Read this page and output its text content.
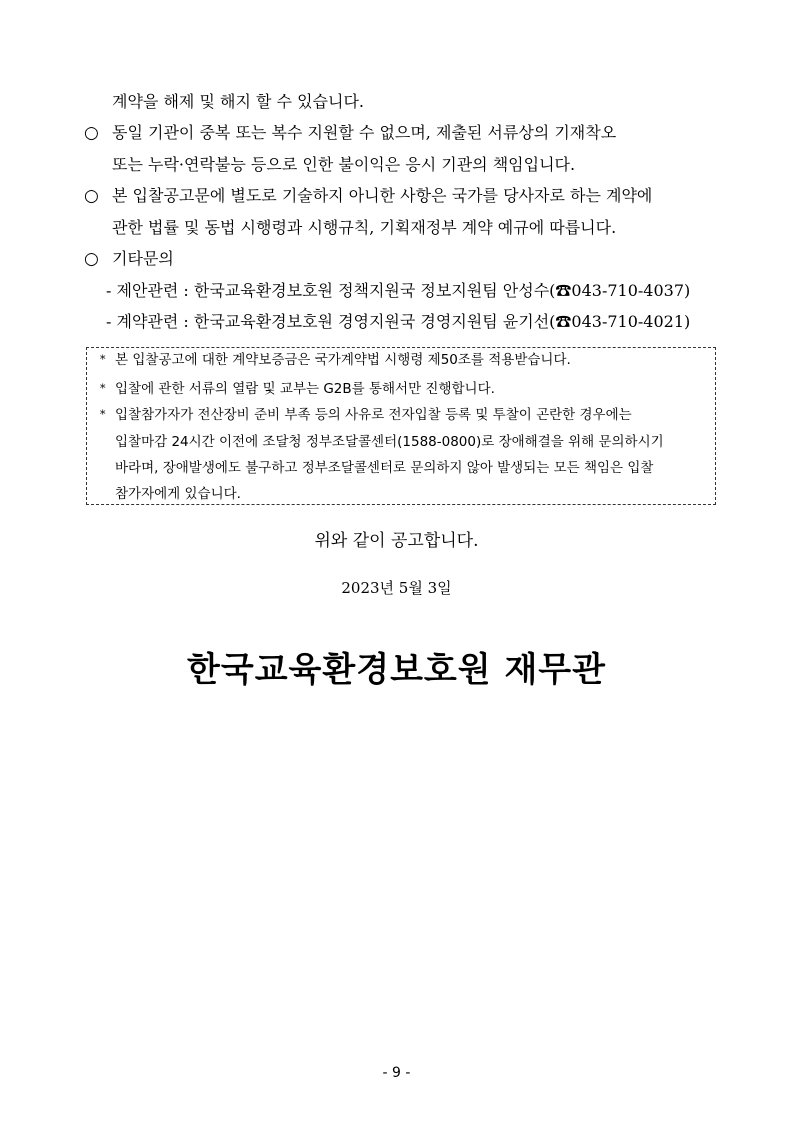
계약을 해제 및 해지 할 수 있습니다.
○ 동일 기관이 중복 또는 복수 지원할 수 없으며, 제출된 서류상의 기재착오
또는 누락·연락불능 등으로 인한 불이익은 응시 기관의 책임입니다.
○ 본 입찰공고문에 별도로 기술하지 아니한 사항은 국가를 당사자로 하는 계약에
관한 법률 및 동법 시행령과 시행규칙, 기획재정부 계약 예규에 따릅니다.
○ 기타문의
- 제안관련 : 한국교육환경보호원 정책지원국 정보지원팀 안성수(☎043-710-4037)
- 계약관련 : 한국교육환경보호원 경영지원국 경영지원팀 윤기선(☎043-710-4021)
* 본 입찰공고에 대한 계약보증금은 국가계약법 시행령 제50조를 적용받습니다.
* 입찰에 관한 서류의 열람 및 교부는 G2B를 통해서만 진행합니다.
* 입찰참가자가 전산장비 준비 부족 등의 사유로 전자입찰 등록 및 투찰이 곤란한 경우에는
입찰마감 24시간 이전에 조달청 정부조달콜센터(1588-0800)로 장애해결을 위해 문의하시기
바라며, 장애발생에도 불구하고 정부조달콜센터로 문의하지 않아 발생되는 모든 책임은 입찰
참가자에게 있습니다.
위와 같이 공고합니다.
2023년 5월 3일
한국교육환경보호원 재무관
- 9 -
